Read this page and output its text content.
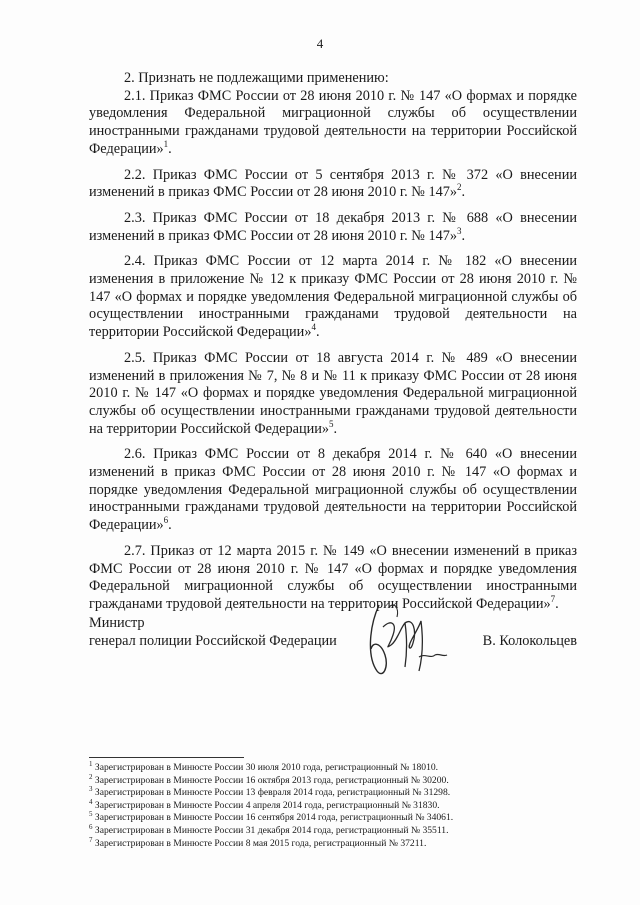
4

2. Признать не подлежащими применению:

2.1. Приказ ФМС России от 28 июня 2010 г. № 147 «О формах и порядке уведомления Федеральной миграционной службы об осуществлении иностранными гражданами трудовой деятельности на территории Российской Федерации»$^1$.

2.2. Приказ ФМС России от 5 сентября 2013 г. № 372 «О внесении изменений в приказ ФМС России от 28 июня 2010 г. № 147»$^2$.

2.3. Приказ ФМС России от 18 декабря 2013 г. № 688 «О внесении изменений в приказ ФМС России от 28 июня 2010 г. № 147»$^3$.

2.4. Приказ ФМС России от 12 марта 2014 г. № 182 «О внесении изменения в приложение № 12 к приказу ФМС России от 28 июня 2010 г. № 147 «О формах и порядке уведомления Федеральной миграционной службы об осуществлении иностранными гражданами трудовой деятельности на территории Российской Федерации»$^4$.

2.5. Приказ ФМС России от 18 августа 2014 г. № 489 «О внесении изменений в приложения № 7, № 8 и № 11 к приказу ФМС России от 28 июня 2010 г. № 147 «О формах и порядке уведомления Федеральной миграционной службы об осуществлении иностранными гражданами трудовой деятельности на территории Российской Федерации»$^5$.

2.6. Приказ ФМС России от 8 декабря 2014 г. № 640 «О внесении изменений в приказ ФМС России от 28 июня 2010 г. № 147 «О формах и порядке уведомления Федеральной миграционной службы об осуществлении иностранными гражданами трудовой деятельности на территории Российской Федерации»$^6$.

2.7. Приказ от 12 марта 2015 г. № 149 «О внесении изменений в приказ ФМС России от 28 июня 2010 г. № 147 «О формах и порядке уведомления Федеральной миграционной службы об осуществлении иностранными гражданами трудовой деятельности на территории Российской Федерации»$^7$.

Министр
генерал полиции Российской Федерации	В. Колокольцев
$^1$ Зарегистрирован в Минюсте России 30 июля 2010 года, регистрационный № 18010.
$^2$ Зарегистрирован в Минюсте России 16 октября 2013 года, регистрационный № 30200.
$^3$ Зарегистрирован в Минюсте России 13 февраля 2014 года, регистрационный № 31298.
$^4$ Зарегистрирован в Минюсте России 4 апреля 2014 года, регистрационный № 31830.
$^5$ Зарегистрирован в Минюсте России 16 сентября 2014 года, регистрационный № 34061.
$^6$ Зарегистрирован в Минюсте России 31 декабря 2014 года, регистрационный № 35511.
$^7$ Зарегистрирован в Минюсте России 8 мая 2015 года, регистрационный № 37211.
